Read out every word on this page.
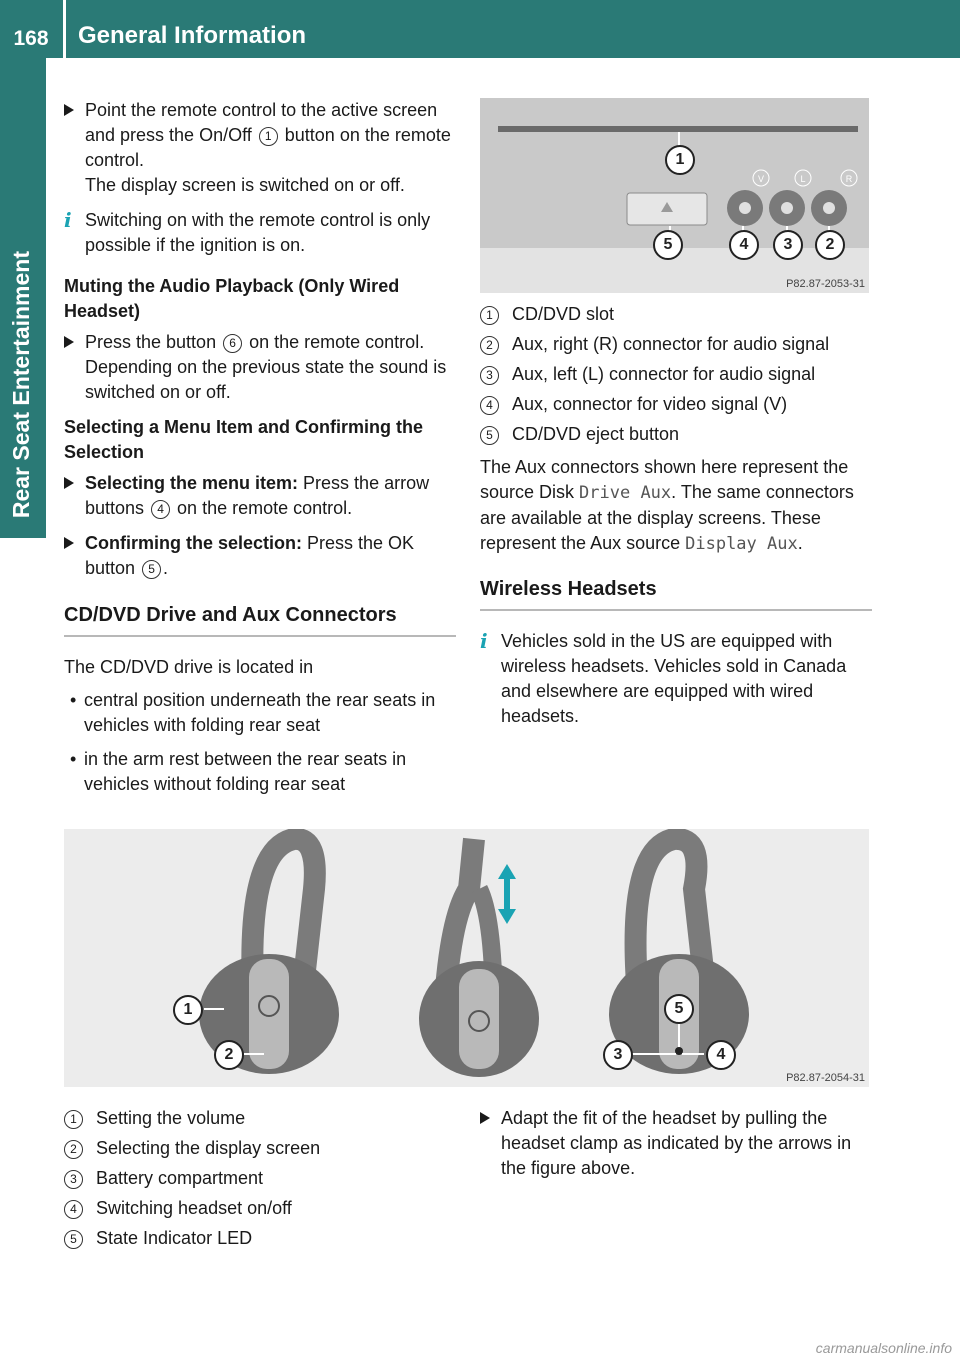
168	General Information
Rear Seat Entertainment
Point the remote control to the active screen and press the On/Off 1 button on the remote control.

The display screen is switched on or off.

i Switching on with the remote control is only possible if the ignition is on.
Muting the Audio Playback (Only Wired Headset)
Press the button 6 on the remote control.

Depending on the previous state the sound is switched on or off.

Selecting a Menu Item and Confirming the Selection
Selecting the menu item: Press the arrow buttons 4 on the remote control.
Confirming the selection: Press the OK button 5 .
CD/DVD Drive and Aux Connectors

The CD/DVD drive is located in

• central position underneath the rear seats in vehicles with folding rear seat
• in the arm rest between the rear seats in vehicles without folding rear seat
V	L	R
1
5	4	3	2
P82.87-2053-31
1	CD/DVD slot
2	Aux, right (R) connector for audio signal
3	Aux, left (L) connector for audio signal
4	Aux, connector for video signal (V)
5	CD/DVD eject button

The Aux connectors shown here represent the source Disk Drive Aux. The same connectors are available at the display screens. These represent the Aux source Display Aux.

Wireless Headsets
i Vehicles sold in the US are equipped with wireless headsets. Vehicles sold in Canada and elsewhere are equipped with wired headsets.
1
2	3	4
5
P82.87-2054-31
1	Setting the volume
2	Selecting the display screen
3	Battery compartment
4	Switching headset on/off
5	State Indicator LED
Adapt the fit of the headset by pulling the headset clamp as indicated by the arrows in the figure above.
carmanualsonline.info
